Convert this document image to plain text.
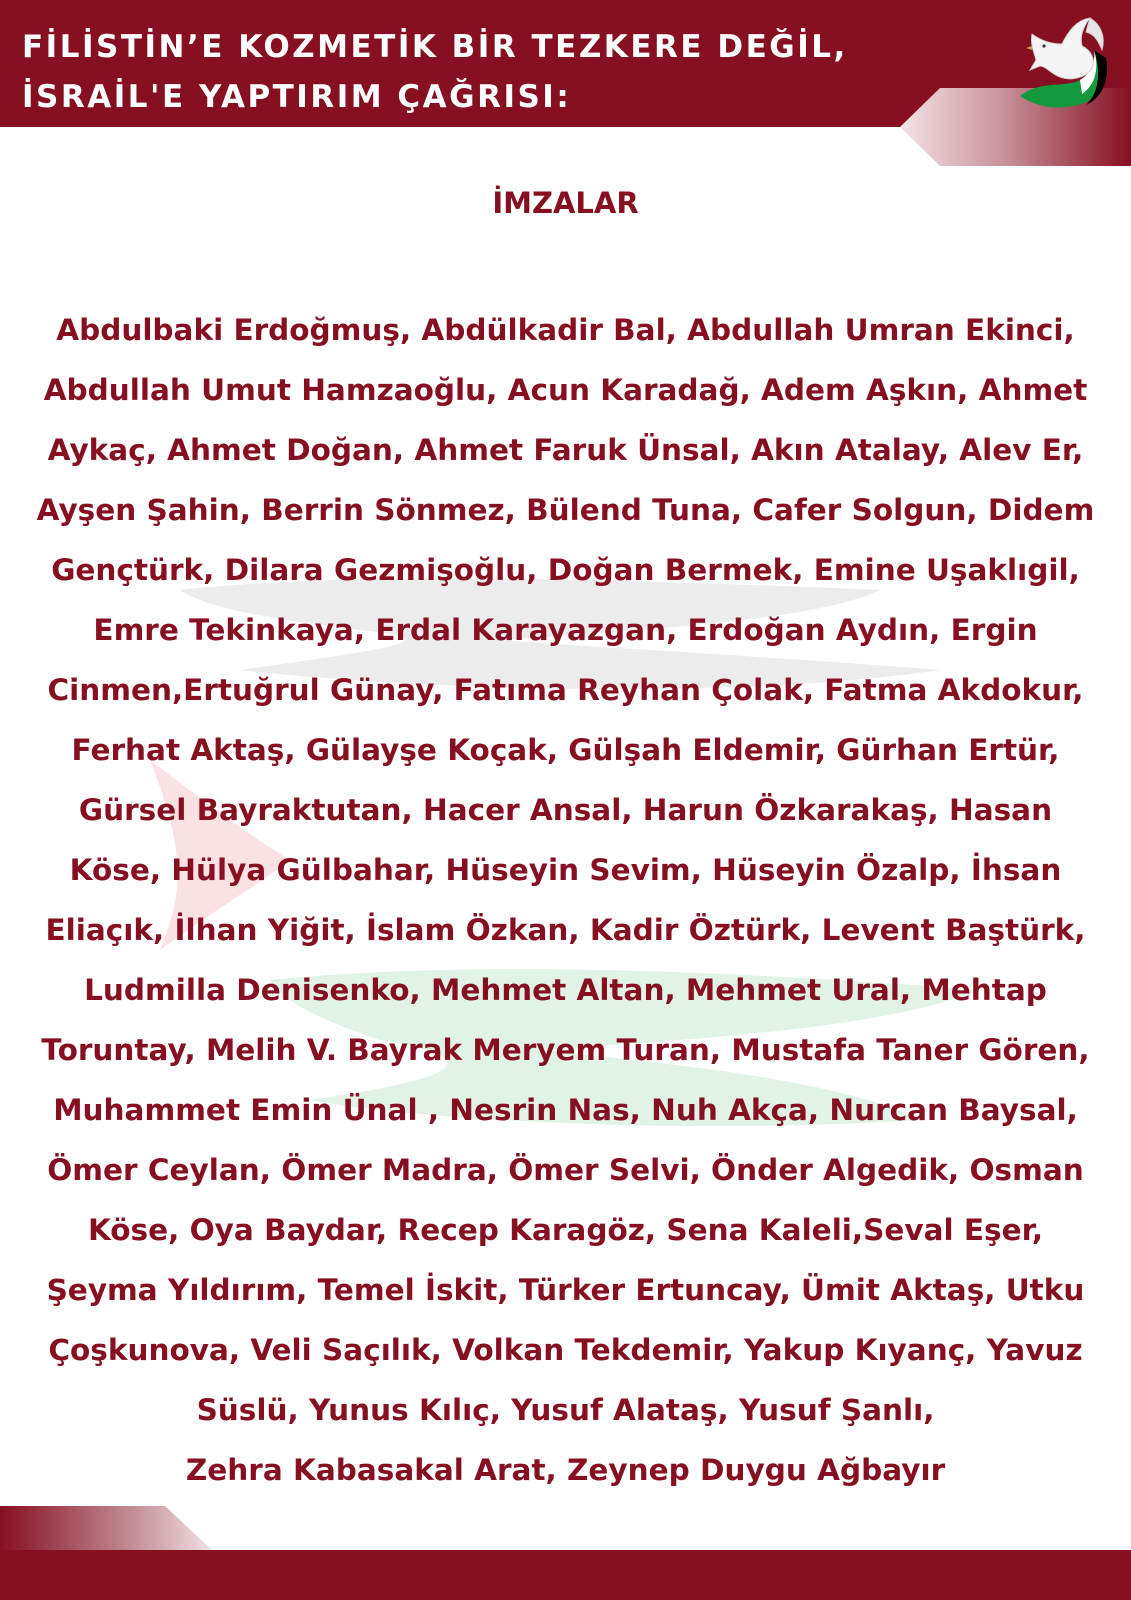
FİLİSTİN’E KOZMETİK BİR TEZKERE DEĞİL,
İSRAİL'E YAPTIRIM ÇAĞRISI:
İMZALAR

Abdulbaki Erdoğmuş, Abdülkadir Bal, Abdullah Umran Ekinci, Abdullah Umut Hamzaoğlu, Acun Karadağ, Adem Aşkın, Ahmet Aykaç, Ahmet Doğan, Ahmet Faruk Ünsal, Akın Atalay, Alev Er, Ayşen Şahin, Berrin Sönmez, Bülend Tuna, Cafer Solgun, Didem Gençtürk, Dilara Gezmişoğlu, Doğan Bermek, Emine Uşaklıgil, Emre Tekinkaya, Erdal Karayazgan, Erdoğan Aydın, Ergin Cinmen,Ertuğrul Günay, Fatıma Reyhan Çolak, Fatma Akdokur, Ferhat Aktaş, Gülayşe Koçak, Gülşah Eldemir, Gürhan Ertür, Gürsel Bayraktutan, Hacer Ansal, Harun Özkarakaş, Hasan Köse, Hülya Gülbahar, Hüseyin Sevim, Hüseyin Özalp, İhsan Eliaçık, İlhan Yiğit, İslam Özkan, Kadir Öztürk, Levent Baştürk, Ludmilla Denisenko, Mehmet Altan, Mehmet Ural, Mehtap Toruntay, Melih V. Bayrak Meryem Turan, Mustafa Taner Gören, Muhammet Emin Ünal , Nesrin Nas, Nuh Akça, Nurcan Baysal, Ömer Ceylan, Ömer Madra, Ömer Selvi, Önder Algedik, Osman Köse, Oya Baydar, Recep Karagöz, Sena Kaleli,Seval Eşer, Şeyma Yıldırım, Temel İskit, Türker Ertuncay, Ümit Aktaş, Utku Çoşkunova, Veli Saçılık, Volkan Tekdemir, Yakup Kıyanç, Yavuz Süslü, Yunus Kılıç, Yusuf Alataş, Yusuf Şanlı,
Zehra Kabasakal Arat, Zeynep Duygu Ağbayır
